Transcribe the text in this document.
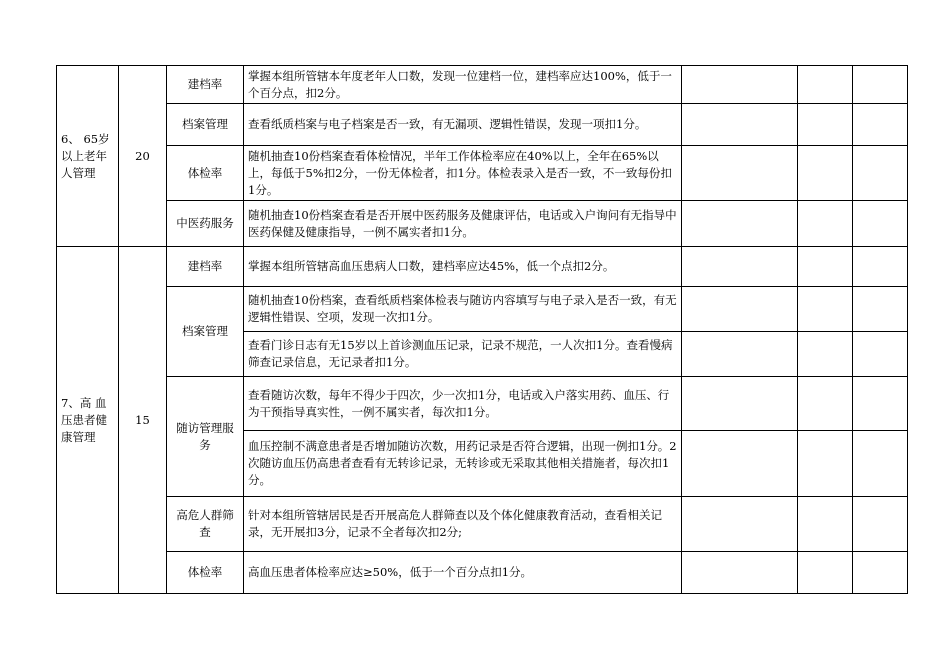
6、 65岁以上老年人管理	20	建档率	掌握本组所管辖本年度老年人口数，发现一位建档一位，建档率应达100%，低于一个百分点，扣2分。			
		档案管理	查看纸质档案与电子档案是否一致，有无漏项、逻辑性错误，发现一项扣1分。			
		体检率	随机抽查10份档案查看体检情况，半年工作体检率应在40%以上，全年在65%以上，每低于5%扣2分，一份无体检者，扣1分。体检表录入是否一致，不一致每份扣1分。			
		中医药服务	随机抽查10份档案查看是否开展中医药服务及健康评估，电话或入户询问有无指导中医药保健及健康指导，一例不属实者扣1分。			
7、高 血压患者健康管理	15	建档率	掌握本组所管辖高血压患病人口数，建档率应达45%，低一个点扣2分。			
		档案管理	随机抽查10份档案，查看纸质档案体检表与随访内容填写与电子录入是否一致，有无逻辑性错误、空项，发现一次扣1分。			
			查看门诊日志有无15岁以上首诊测血压记录，记录不规范，一人次扣1分。查看慢病筛查记录信息，无记录者扣1分。			
		随访管理服务	查看随访次数，每年不得少于四次，少一次扣1分，电话或入户落实用药、血压、行为干预指导真实性，一例不属实者，每次扣1分。			
			血压控制不满意患者是否增加随访次数，用药记录是否符合逻辑，出现一例扣1分。2次随访血压仍高患者查看有无转诊记录，无转诊或无采取其他相关措施者，每次扣1分。			
		高危人群筛查	针对本组所管辖居民是否开展高危人群筛查以及个体化健康教育活动，查看相关记录，无开展扣3分，记录不全者每次扣2分;			
		体检率	高血压患者体检率应达≥50%，低于一个百分点扣1分。			
